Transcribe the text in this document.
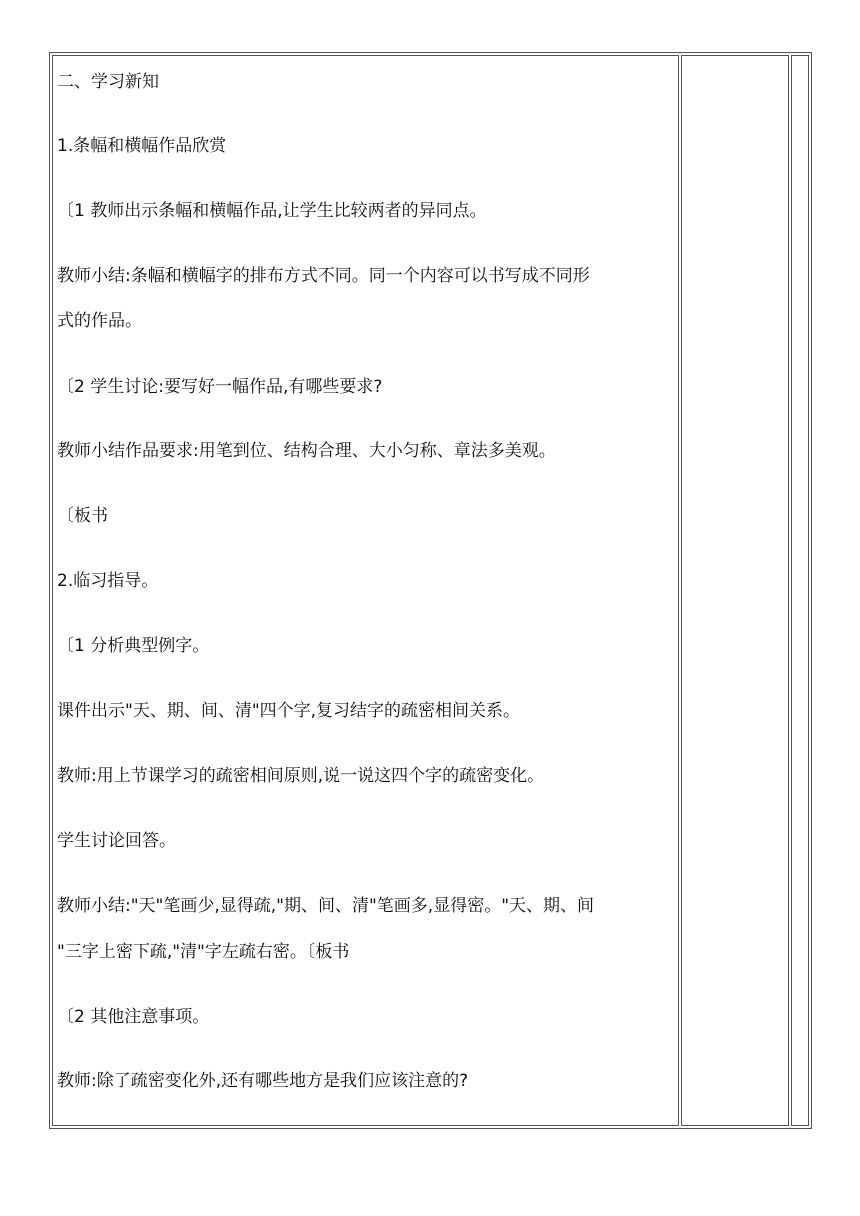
二、学习新知

1.条幅和横幅作品欣赏

〔1 教师出示条幅和横幅作品,让学生比较两者的异同点。

教师小结:条幅和横幅字的排布方式不同。同一个内容可以书写成不同形

式的作品。

〔2 学生讨论:要写好一幅作品,有哪些要求?

教师小结作品要求:用笔到位、结构合理、大小匀称、章法多美观。

〔板书

2.临习指导。

〔1 分析典型例字。

课件出示"天、期、间、清"四个字,复习结字的疏密相间关系。

教师:用上节课学习的疏密相间原则,说一说这四个字的疏密变化。

学生讨论回答。

教师小结:"天"笔画少,显得疏,"期、间、清"笔画多,显得密。"天、期、间

"三字上密下疏,"清"字左疏右密。〔板书

〔2 其他注意事项。

教师:除了疏密变化外,还有哪些地方是我们应该注意的?
